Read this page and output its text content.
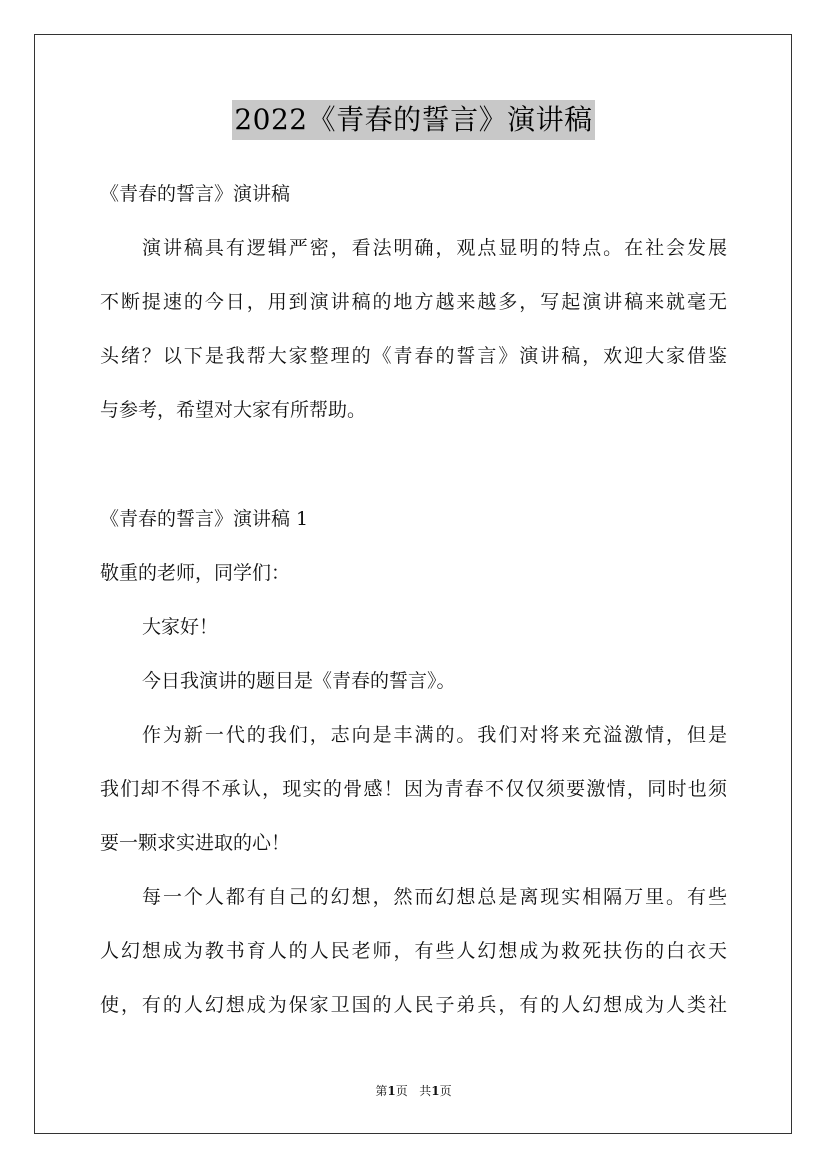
2022《青春的誓言》演讲稿
《青春的誓言》演讲稿
演讲稿具有逻辑严密，看法明确，观点显明的特点。在社会发展
不断提速的今日，用到演讲稿的地方越来越多，写起演讲稿来就毫无
头绪？以下是我帮大家整理的《青春的誓言》演讲稿，欢迎大家借鉴
与参考，希望对大家有所帮助。
《青春的誓言》演讲稿 1
敬重的老师，同学们：
大家好！
今日我演讲的题目是《青春的誓言》。
作为新一代的我们，志向是丰满的。我们对将来充溢激情，但是
我们却不得不承认，现实的骨感！因为青春不仅仅须要激情，同时也须
要一颗求实进取的心！
每一个人都有自己的幻想，然而幻想总是离现实相隔万里。有些
人幻想成为教书育人的人民老师，有些人幻想成为救死扶伤的白衣天
使，有的人幻想成为保家卫国的人民子弟兵，有的人幻想成为人类社
第1页 共1页
